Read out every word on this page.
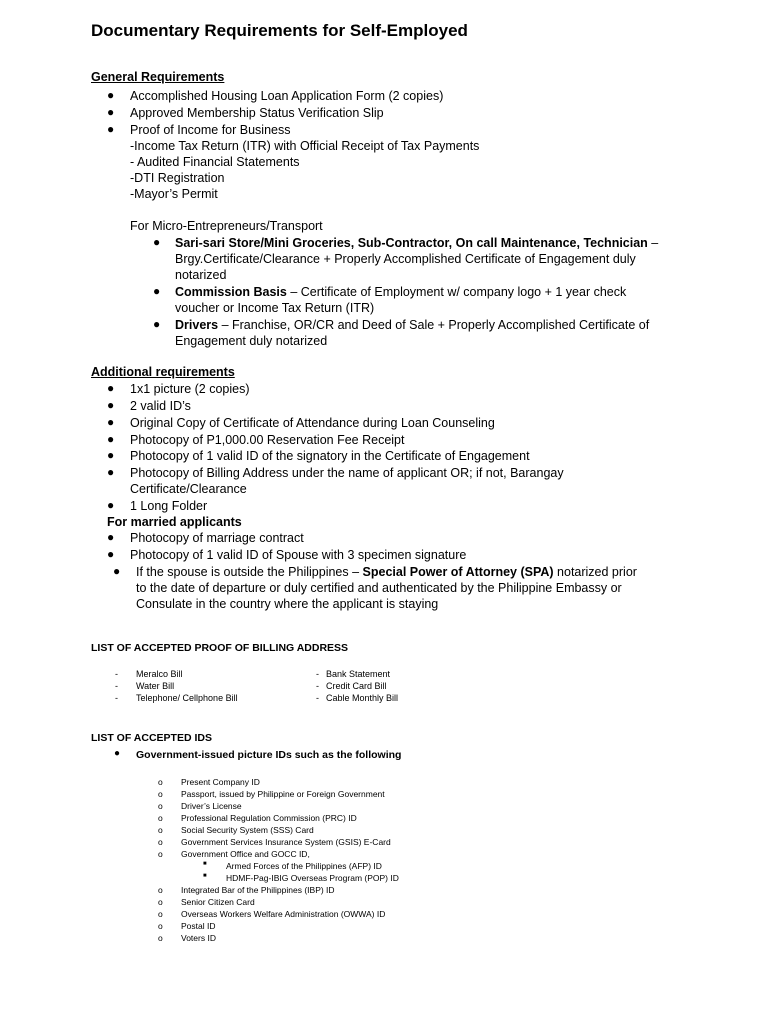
Documentary Requirements for Self-Employed
General Requirements
● Accomplished Housing Loan Application Form (2 copies)
● Approved Membership Status Verification Slip
● Proof of Income for Business
-Income Tax Return (ITR) with Official Receipt of Tax Payments
- Audited Financial Statements
-DTI Registration
-Mayor’s Permit
For Micro-Entrepreneurs/Transport
● Sari-sari Store/Mini Groceries, Sub-Contractor, On call Maintenance, Technician –
Brgy.Certificate/Clearance + Properly Accomplished Certificate of Engagement duly
notarized
● Commission Basis – Certificate of Employment w/ company logo + 1 year check
voucher or Income Tax Return (ITR)
● Drivers – Franchise, OR/CR and Deed of Sale + Properly Accomplished Certificate of
Engagement duly notarized
Additional requirements
● 1x1 picture (2 copies)
● 2 valid ID’s
● Original Copy of Certificate of Attendance during Loan Counseling
● Photocopy of P1,000.00 Reservation Fee Receipt
● Photocopy of 1 valid ID of the signatory in the Certificate of Engagement
● Photocopy of Billing Address under the name of applicant OR; if not, Barangay
Certificate/Clearance
● 1 Long Folder
For married applicants
● Photocopy of marriage contract
● Photocopy of 1 valid ID of Spouse with 3 specimen signature
● If the spouse is outside the Philippines – Special Power of Attorney (SPA) notarized prior
to the date of departure or duly certified and authenticated by the Philippine Embassy or
Consulate in the country where the applicant is staying
LIST OF ACCEPTED PROOF OF BILLING ADDRESS
- Meralco Bill
- Water Bill
- Telephone/ Cellphone Bill
- Bank Statement
- Credit Card Bill
- Cable Monthly Bill
LIST OF ACCEPTED IDS
● Government-issued picture IDs such as the following
o Present Company ID
o Passport, issued by Philippine or Foreign Government
o Driver’s License
o Professional Regulation Commission (PRC) ID
o Social Security System (SSS) Card
o Government Services Insurance System (GSIS) E-Card
o Government Office and GOCC ID,
■ Armed Forces of the Philippines (AFP) ID
■ HDMF-Pag-IBIG Overseas Program (POP) ID
o Integrated Bar of the Philippines (IBP) ID
o Senior Citizen Card
o Overseas Workers Welfare Administration (OWWA) ID
o Postal ID
o Voters ID
